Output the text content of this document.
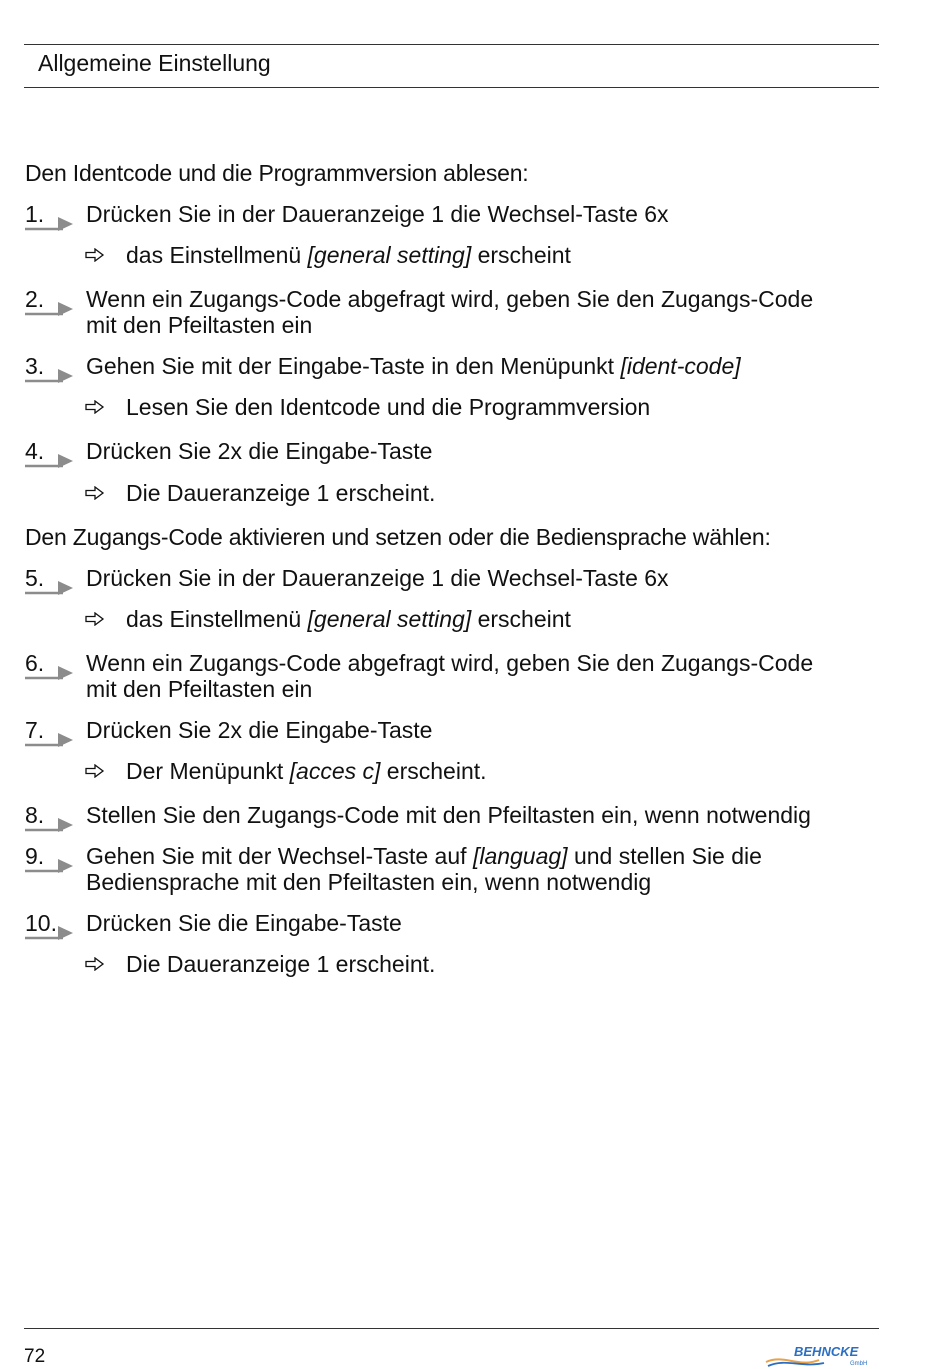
Allgemeine Einstellung
Den Identcode und die Programmversion ablesen:
1. Drücken Sie in der Daueranzeige 1 die Wechsel-Taste 6x
das Einstellmenü [general setting] erscheint
2. Wenn ein Zugangs-Code abgefragt wird, geben Sie den Zugangs-Code
mit den Pfeiltasten ein
3. Gehen Sie mit der Eingabe-Taste in den Menüpunkt [ident-code]
Lesen Sie den Identcode und die Programmversion
4. Drücken Sie 2x die Eingabe-Taste
Die Daueranzeige 1 erscheint.
Den Zugangs-Code aktivieren und setzen oder die Bediensprache wählen:
5. Drücken Sie in der Daueranzeige 1 die Wechsel-Taste 6x
das Einstellmenü [general setting] erscheint
6. Wenn ein Zugangs-Code abgefragt wird, geben Sie den Zugangs-Code
mit den Pfeiltasten ein
7. Drücken Sie 2x die Eingabe-Taste
Der Menüpunkt [acces c] erscheint.
8. Stellen Sie den Zugangs-Code mit den Pfeiltasten ein, wenn notwendig
9. Gehen Sie mit der Wechsel-Taste auf [languag] und stellen Sie die
Bediensprache mit den Pfeiltasten ein, wenn notwendig
10. Drücken Sie die Eingabe-Taste
Die Daueranzeige 1 erscheint.
72	BEHNCKE
GmbH
